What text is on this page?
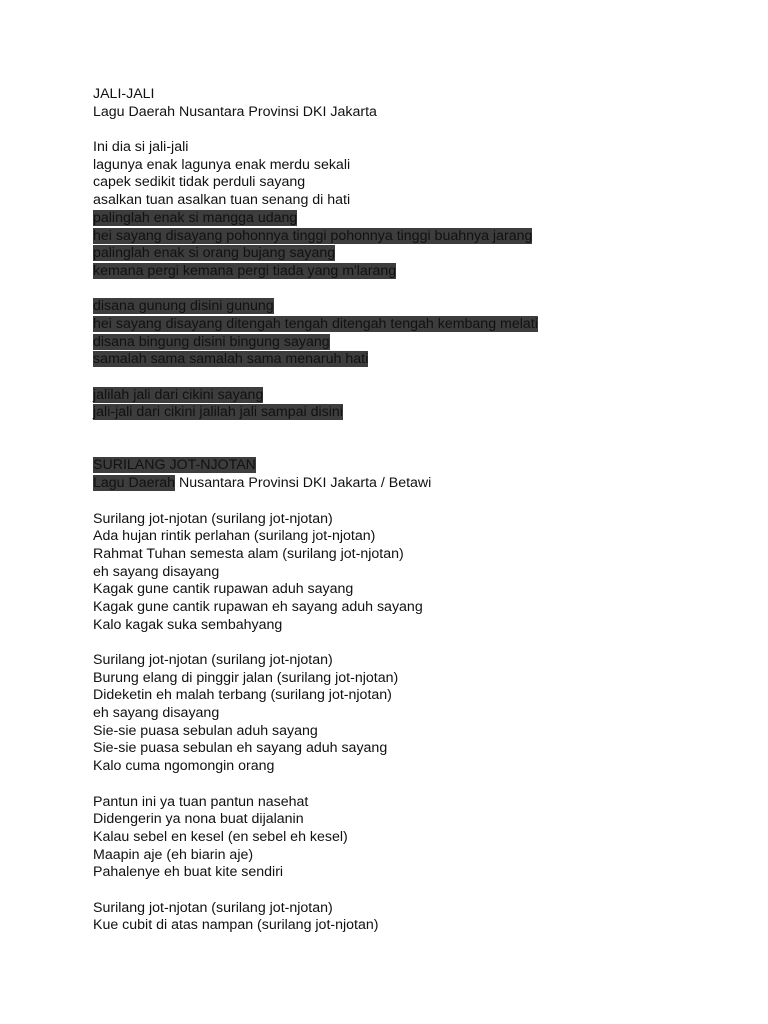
JALI-JALI
Lagu Daerah Nusantara Provinsi DKI Jakarta
Ini dia si jali-jali
lagunya enak lagunya enak merdu sekali
capek sedikit tidak perduli sayang
asalkan tuan asalkan tuan senang di hati
palinglah enak si mangga udang
hei sayang disayang pohonnya tinggi pohonnya tinggi buahnya jarang
palinglah enak si orang bujang sayang
kemana pergi kemana pergi tiada yang m'larang
disana gunung disini gunung
hei sayang disayang ditengah tengah ditengah tengah kembang melati
disana bingung disini bingung sayang
samalah sama samalah sama menaruh hati
jalilah jali dari cikini sayang
jali-jali dari cikini jalilah jali sampai disini
SURILANG JOT-NJOTAN
Lagu Daerah Nusantara Provinsi DKI Jakarta / Betawi
Surilang jot-njotan (surilang jot-njotan)
Ada hujan rintik perlahan (surilang jot-njotan)
Rahmat Tuhan semesta alam (surilang jot-njotan)
eh sayang disayang
Kagak gune cantik rupawan aduh sayang
Kagak gune cantik rupawan eh sayang aduh sayang
Kalo kagak suka sembahyang
Surilang jot-njotan (surilang jot-njotan)
Burung elang di pinggir jalan (surilang jot-njotan)
Dideketin eh malah terbang (surilang jot-njotan)
eh sayang disayang
Sie-sie puasa sebulan aduh sayang
Sie-sie puasa sebulan eh sayang aduh sayang
Kalo cuma ngomongin orang
Pantun ini ya tuan pantun nasehat
Didengerin ya nona buat dijalanin
Kalau sebel en kesel (en sebel eh kesel)
Maapin aje (eh biarin aje)
Pahalenye eh buat kite sendiri
Surilang jot-njotan (surilang jot-njotan)
Kue cubit di atas nampan (surilang jot-njotan)
